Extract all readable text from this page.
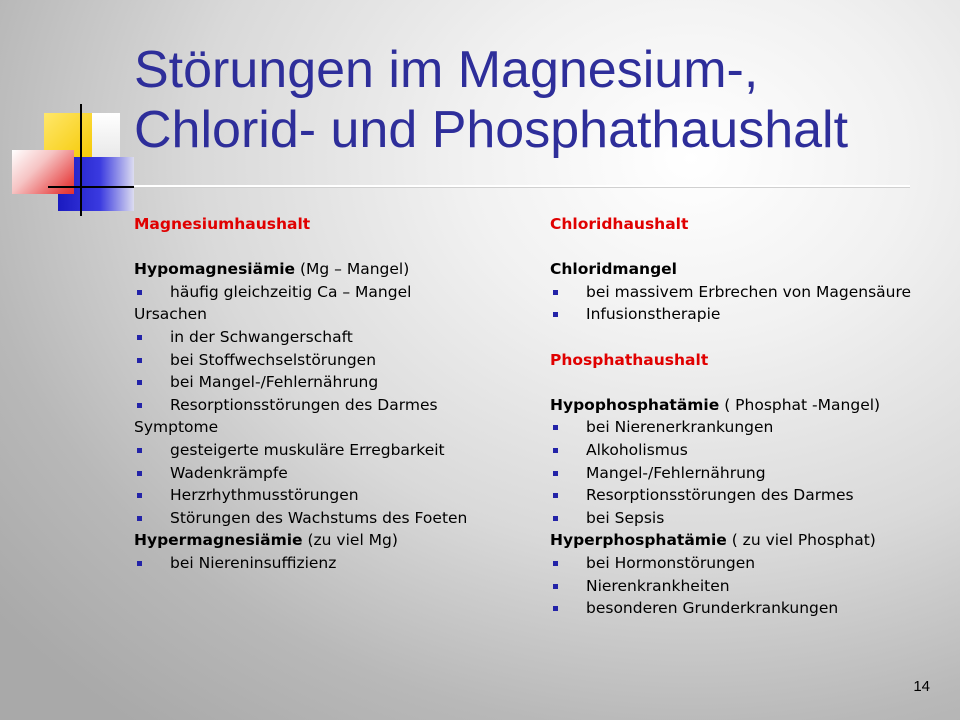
Störungen im Magnesium-,
Chlorid- und Phosphathaushalt
Magnesiumhaushalt
Hypomagnesiämie (Mg – Mangel)
häufig gleichzeitig Ca – Mangel
Ursachen
in der Schwangerschaft
bei Stoffwechselstörungen
bei Mangel-/Fehlernährung
Resorptionsstörungen des Darmes
Symptome
gesteigerte muskuläre Erregbarkeit
Wadenkrämpfe
Herzrhythmusstörungen
Störungen des Wachstums des Foeten
Hypermagnesiämie (zu viel Mg)
bei Niereninsuffizienz
Chloridhaushalt
Chloridmangel
bei massivem Erbrechen von Magensäure
Infusionstherapie
Phosphathaushalt
Hypophosphatämie ( Phosphat -Mangel)
bei Nierenerkrankungen
Alkoholismus
Mangel-/Fehlernährung
Resorptionsstörungen des Darmes
bei Sepsis
Hyperphosphatämie ( zu viel Phosphat)
bei Hormonstörungen
Nierenkrankheiten
besonderen Grunderkrankungen
14
